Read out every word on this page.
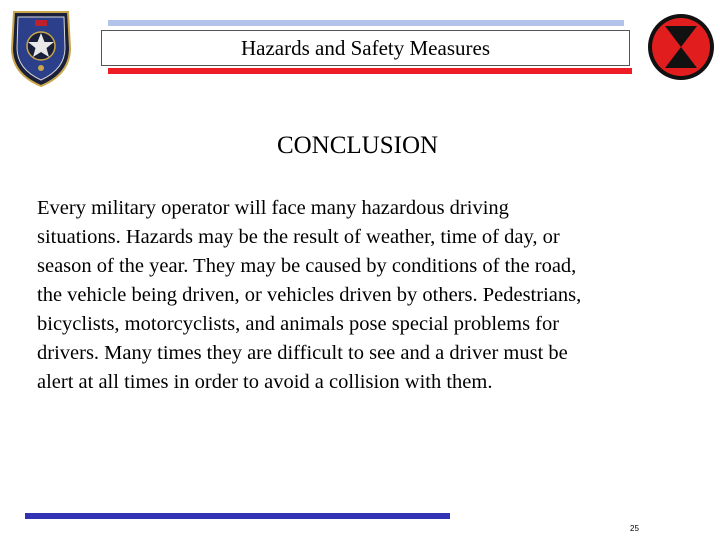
Hazards and Safety Measures
CONCLUSION

Every military operator will face many hazardous driving
situations. Hazards may be the result of weather, time of day, or
season of the year. They may be caused by conditions of the road,
the vehicle being driven, or vehicles driven by others. Pedestrians,
bicyclists, motorcyclists, and animals pose special problems for
drivers. Many times they are difficult to see and a driver must be
alert at all times in order to avoid a collision with them.

25
